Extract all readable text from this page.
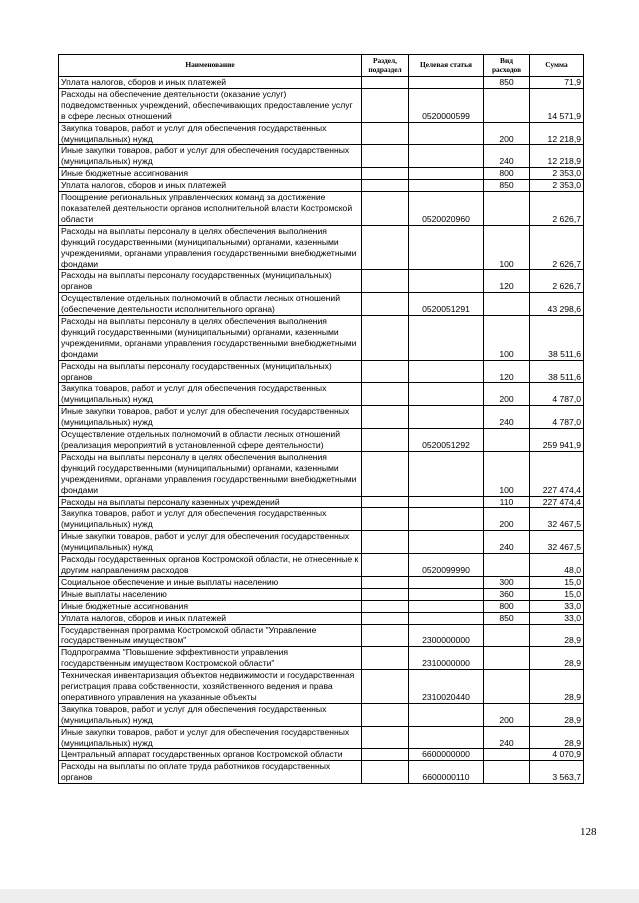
Наименование	Раздел, подраздел	Целевая статья	Вид расходов	Сумма
Уплата налогов, сборов и иных платежей			850	71,9
Расходы на обеспечение деятельности (оказание услуг) подведомственных учреждений, обеспечивающих предоставление услуг в сфере лесных отношений		0520000599		14 571,9
Закупка товаров, работ и услуг для обеспечения государственных (муниципальных) нужд			200	12 218,9
Иные закупки товаров, работ и услуг для обеспечения государственных (муниципальных) нужд			240	12 218,9
Иные бюджетные ассигнования			800	2 353,0
Уплата налогов, сборов и иных платежей			850	2 353,0
Поощрение региональных управленческих команд за достижение показателей деятельности органов исполнительной власти Костромской области		0520020960		2 626,7
Расходы на выплаты персоналу в целях обеспечения выполнения функций государственными (муниципальными) органами, казенными учреждениями, органами управления государственными внебюджетными фондами			100	2 626,7
Расходы на выплаты персоналу государственных (муниципальных) органов			120	2 626,7
Осуществление отдельных полномочий в области лесных отношений (обеспечение деятельности исполнительного органа)		0520051291		43 298,6
Расходы на выплаты персоналу в целях обеспечения выполнения функций государственными (муниципальными) органами, казенными учреждениями, органами управления государственными внебюджетными фондами			100	38 511,6
Расходы на выплаты персоналу государственных (муниципальных) органов			120	38 511,6
Закупка товаров, работ и услуг для обеспечения государственных (муниципальных) нужд			200	4 787,0
Иные закупки товаров, работ и услуг для обеспечения государственных (муниципальных) нужд			240	4 787,0
Осуществление отдельных полномочий в области лесных отношений (реализация мероприятий в установленной сфере деятельности)		0520051292		259 941,9
Расходы на выплаты персоналу в целях обеспечения выполнения функций государственными (муниципальными) органами, казенными учреждениями, органами управления государственными внебюджетными фондами			100	227 474,4
Расходы на выплаты персоналу казенных учреждений			110	227 474,4
Закупка товаров, работ и услуг для обеспечения государственных (муниципальных) нужд			200	32 467,5
Иные закупки товаров, работ и услуг для обеспечения государственных (муниципальных) нужд			240	32 467,5
Расходы государственных органов Костромской области, не отнесенные к другим направлениям расходов		0520099990		48,0
Социальное обеспечение и иные выплаты населению			300	15,0
Иные выплаты населению			360	15,0
Иные бюджетные ассигнования			800	33,0
Уплата налогов, сборов и иных платежей			850	33,0
Государственная программа Костромской области "Управление государственным имуществом"		2300000000		28,9
Подпрограмма "Повышение эффективности управления государственным имуществом Костромской области"		2310000000		28,9
Техническая инвентаризация объектов недвижимости и государственная регистрация права собственности, хозяйственного ведения и права оперативного управления на указанные объекты		2310020440		28,9
Закупка товаров, работ и услуг для обеспечения государственных (муниципальных) нужд			200	28,9
Иные закупки товаров, работ и услуг для обеспечения государственных (муниципальных) нужд			240	28,9
Центральный аппарат государственных органов Костромской области		6600000000		4 070,9
Расходы на выплаты по оплате труда работников государственных органов		6600000110		3 563,7
128
